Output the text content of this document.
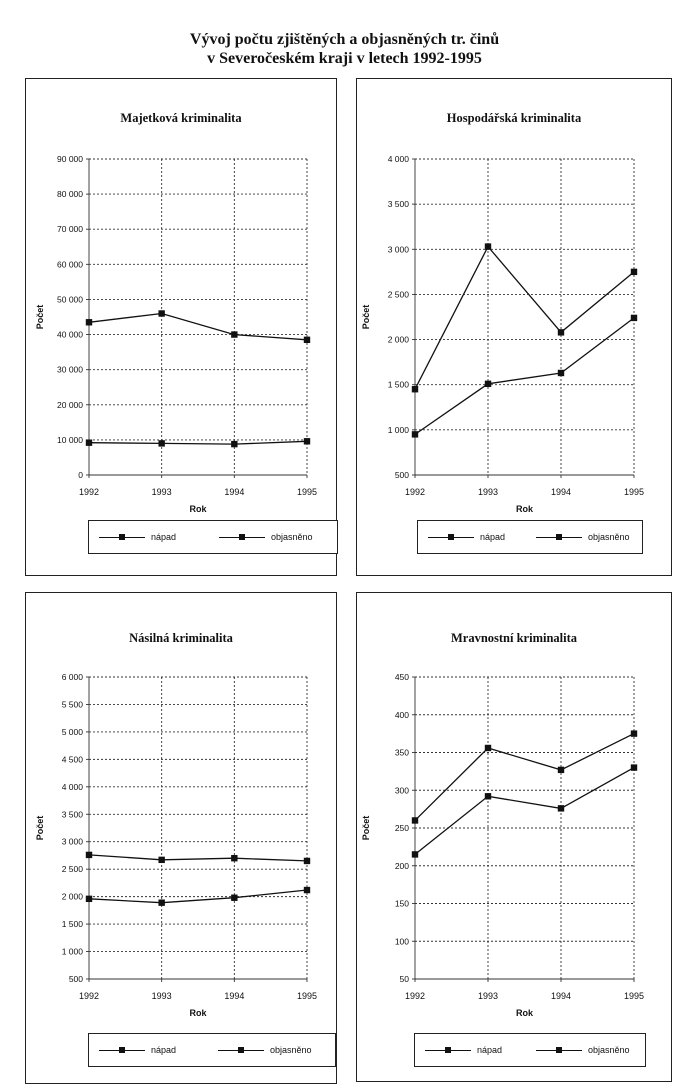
Vývoj počtu zjištěných a objasněných tr. činů
v Severočeském kraji v letech 1992-1995
Majetková kriminalita
0
10 000
20 000
30 000
40 000
50 000
60 000
70 000
80 000
90 000
1992	1993	1994	1995
Rok
Počet
nápad	objasněno
Hospodářská kriminalita
500
1 000
1 500
2 000
2 500
3 000
3 500
4 000
1992	1993	1994	1995
Rok
Počet
nápad	objasněno
Násilná kriminalita
500
1 000
1 500
2 000
2 500
3 000
3 500
4 000
4 500
5 000
5 500
6 000
1992	1993	1994	1995
Rok
Počet
nápad	objasněno
Mravnostní kriminalita
50
100
150
200
250
300
350
400
450
1992	1993	1994	1995
Rok
Počet
nápad	objasněno
